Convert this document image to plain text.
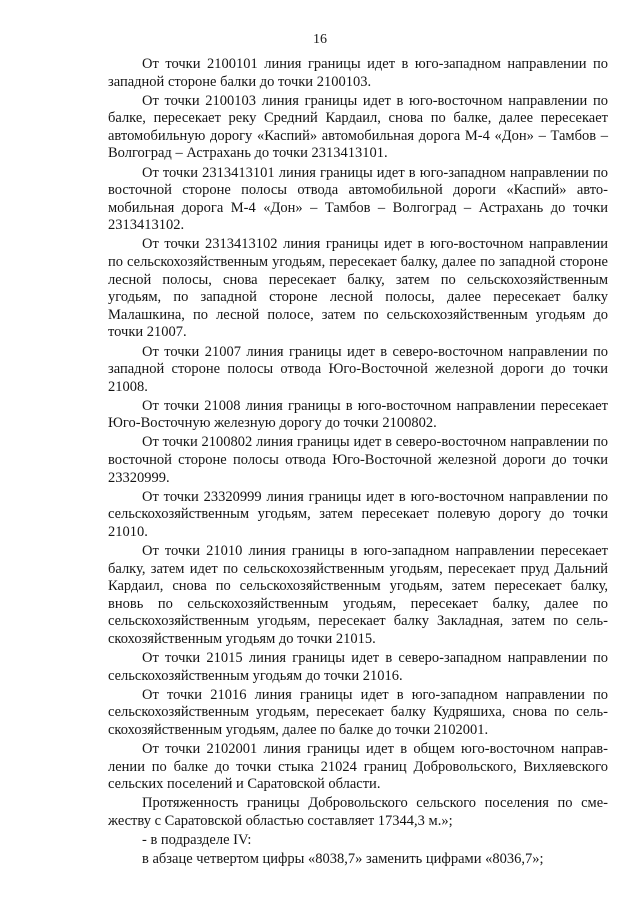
16

От точки 2100101 линия границы идет в юго-западном направлении по западной стороне балки до точки 2100103.

От точки 2100103 линия границы идет в юго-восточном направлении по балке, пересекает реку Средний Кардаил, снова по балке, далее пересекает автомобильную дорогу «Каспий» автомобильная дорога М-4 «Дон» – Тамбов – Волгоград – Астрахань до точки 2313413101.

От точки 2313413101 линия границы идет в юго-западном направлении по восточной стороне полосы отвода автомобильной дороги «Каспий» автомобильная дорога М-4 «Дон» – Тамбов – Волгоград – Астрахань до точки 2313413102.

От точки 2313413102 линия границы идет в юго-восточном направлении по сельскохозяйственным угодьям, пересекает балку, далее по западной стороне лесной полосы, снова пересекает балку, затем по сельскохозяйственным угодьям, по западной стороне лесной полосы, далее пересекает балку Малашкина, по лесной полосе, затем по сельскохозяйственным угодьям до точки 21007.

От точки 21007 линия границы идет в северо-восточном направлении по западной стороне полосы отвода Юго-Восточной железной дороги до точки 21008.

От точки 21008 линия границы в юго-восточном направлении пересекает Юго-Восточную железную дорогу до точки 2100802.

От точки 2100802 линия границы идет в северо-восточном направлении по восточной стороне полосы отвода Юго-Восточной железной дороги до точки 23320999.

От точки 23320999 линия границы идет в юго-восточном направлении по сельскохозяйственным угодьям, затем пересекает полевую дорогу до точки 21010.

От точки 21010 линия границы в юго-западном направлении пересекает балку, затем идет по сельскохозяйственным угодьям, пересекает пруд Дальний Кардаил, снова по сельскохозяйственным угодьям, затем пересекает балку, вновь по сельскохозяйственным угодьям, пересекает балку, далее по сельскохозяйственным угодьям, пересекает балку Закладная, затем по сельскохозяйственным угодьям до точки 21015.

От точки 21015 линия границы идет в северо-западном направлении по сельскохозяйственным угодьям до точки 21016.

От точки 21016 линия границы идет в юго-западном направлении по сельскохозяйственным угодьям, пересекает балку Кудряшиха, снова по сельскохозяйственным угодьям, далее по балке до точки 2102001.

От точки 2102001 линия границы идет в общем юго-восточном направлении по балке до точки стыка 21024 границ Добровольского, Вихляевского сельских поселений и Саратовской области.

Протяженность границы Добровольского сельского поселения по смежеству с Саратовской областью составляет 17344,3 м.»;

- в подразделе IV:

в абзаце четвертом цифры «8038,7» заменить цифрами «8036,7»;
